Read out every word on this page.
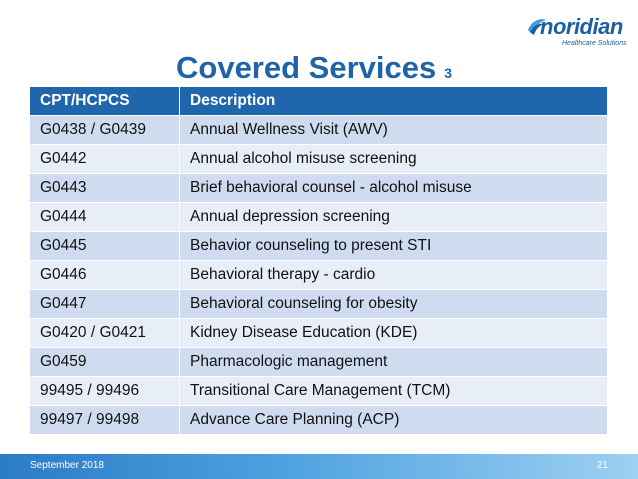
noridian
Healthcare Solutions
Covered Services 3
CPT/HCPCS	Description
G0438 / G0439	Annual Wellness Visit (AWV)
G0442	Annual alcohol misuse screening
G0443	Brief behavioral counsel - alcohol misuse
G0444	Annual depression screening
G0445	Behavior counseling to present STI
G0446	Behavioral therapy - cardio
G0447	Behavioral counseling for obesity
G0420 / G0421	Kidney Disease Education (KDE)
G0459	Pharmacologic management
99495 / 99496	Transitional Care Management (TCM)
99497 / 99498	Advance Care Planning (ACP)
September 2018	21
